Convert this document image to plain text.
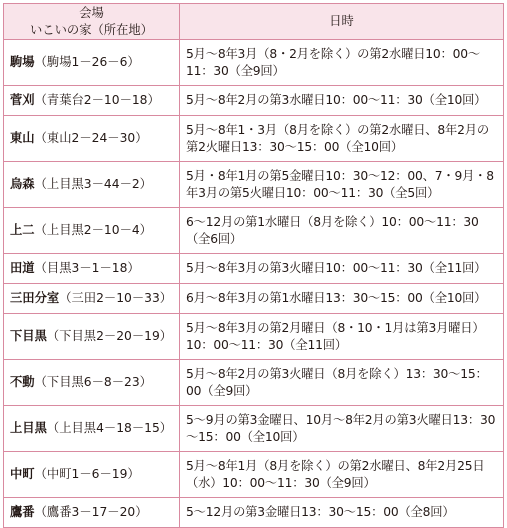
会場
いこいの家（所在地）	日時
駒場（駒場1－26－6）	5月～8年3月（8・2月を除く）の第2水曜日10：00～11：30（全9回）
菅刈（青葉台2－10－18）	5月～8年2月の第3水曜日10：00～11：30（全10回）
東山（東山2－24－30）	5月～8年1・3月（8月を除く）の第2水曜日、8年2月の第2火曜日13：30～15：00（全10回）
烏森（上目黒3－44－2）	5月・8年1月の第5金曜日10：30～12：00、7・9月・8年3月の第5火曜日10：00～11：30（全5回）
上二（上目黒2－10－4）	6～12月の第1水曜日（8月を除く）10：00～11：30（全6回）
田道（目黒3－1－18）	5月～8年3月の第3火曜日10：00～11：30（全11回）
三田分室（三田2－10－33）	6月～8年3月の第1水曜日13：30～15：00（全10回）
下目黒（下目黒2－20－19）	5月～8年3月の第2月曜日（8・10・1月は第3月曜日）10：00～11：30（全11回）
不動（下目黒6－8－23）	5月～8年2月の第3火曜日（8月を除く）13：30～15：00（全9回）
上目黒（上目黒4－18－15）	5～9月の第3金曜日、10月～8年2月の第3火曜日13：30～15：00（全10回）
中町（中町1－6－19）	5月～8年1月（8月を除く）の第2水曜日、8年2月25日（水）10：00～11：30（全9回）
鷹番（鷹番3－17－20）	5～12月の第3金曜日13：30～15：00（全8回）
